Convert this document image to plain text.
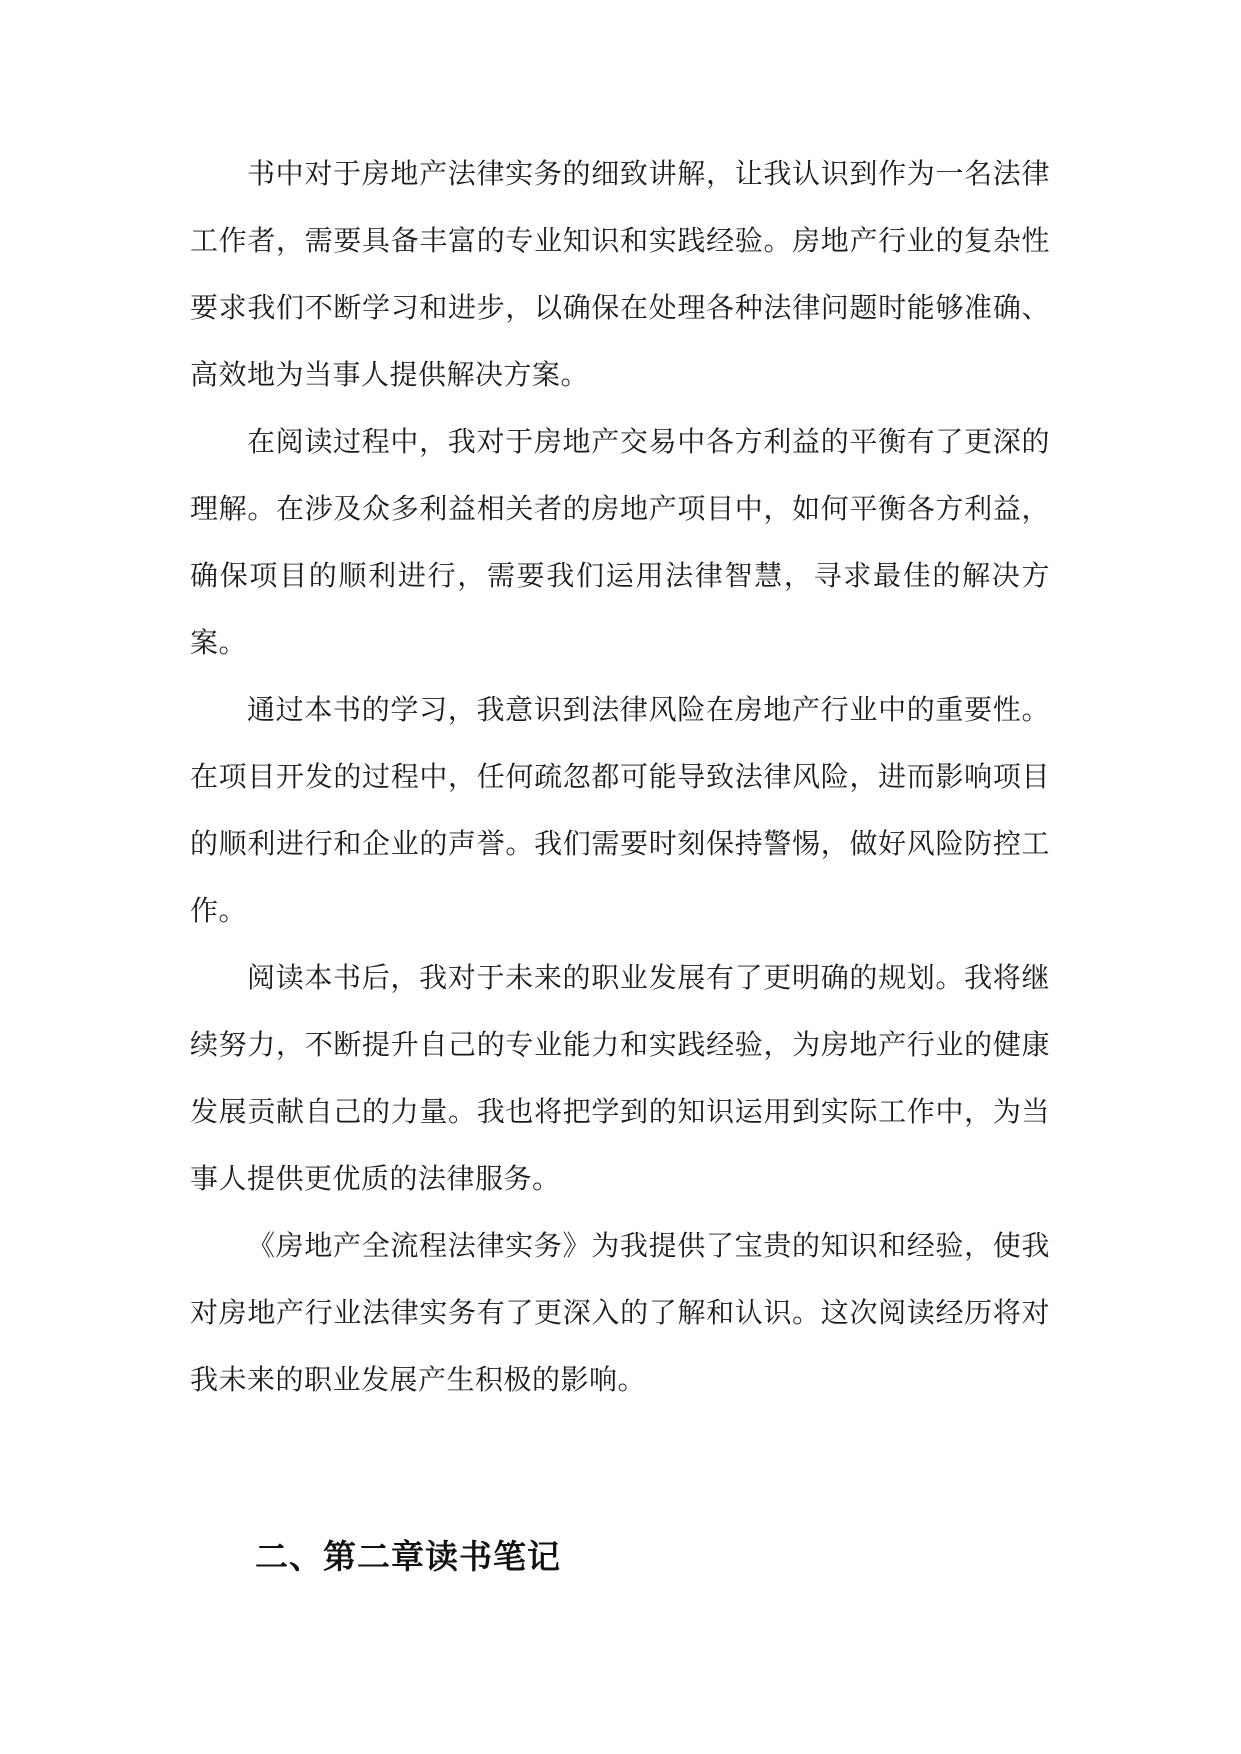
书中对于房地产法律实务的细致讲解，让我认识到作为一名法律工作者，需要具备丰富的专业知识和实践经验。房地产行业的复杂性要求我们不断学习和进步，以确保在处理各种法律问题时能够准确、高效地为当事人提供解决方案。

在阅读过程中，我对于房地产交易中各方利益的平衡有了更深的理解。在涉及众多利益相关者的房地产项目中，如何平衡各方利益，确保项目的顺利进行，需要我们运用法律智慧，寻求最佳的解决方案。

通过本书的学习，我意识到法律风险在房地产行业中的重要性。在项目开发的过程中，任何疏忽都可能导致法律风险，进而影响项目的顺利进行和企业的声誉。我们需要时刻保持警惕，做好风险防控工作。

阅读本书后，我对于未来的职业发展有了更明确的规划。我将继续努力，不断提升自己的专业能力和实践经验，为房地产行业的健康发展贡献自己的力量。我也将把学到的知识运用到实际工作中，为当事人提供更优质的法律服务。

《房地产全流程法律实务》为我提供了宝贵的知识和经验，使我对房地产行业法律实务有了更深入的了解和认识。这次阅读经历将对我未来的职业发展产生积极的影响。

二、第二章读书笔记
